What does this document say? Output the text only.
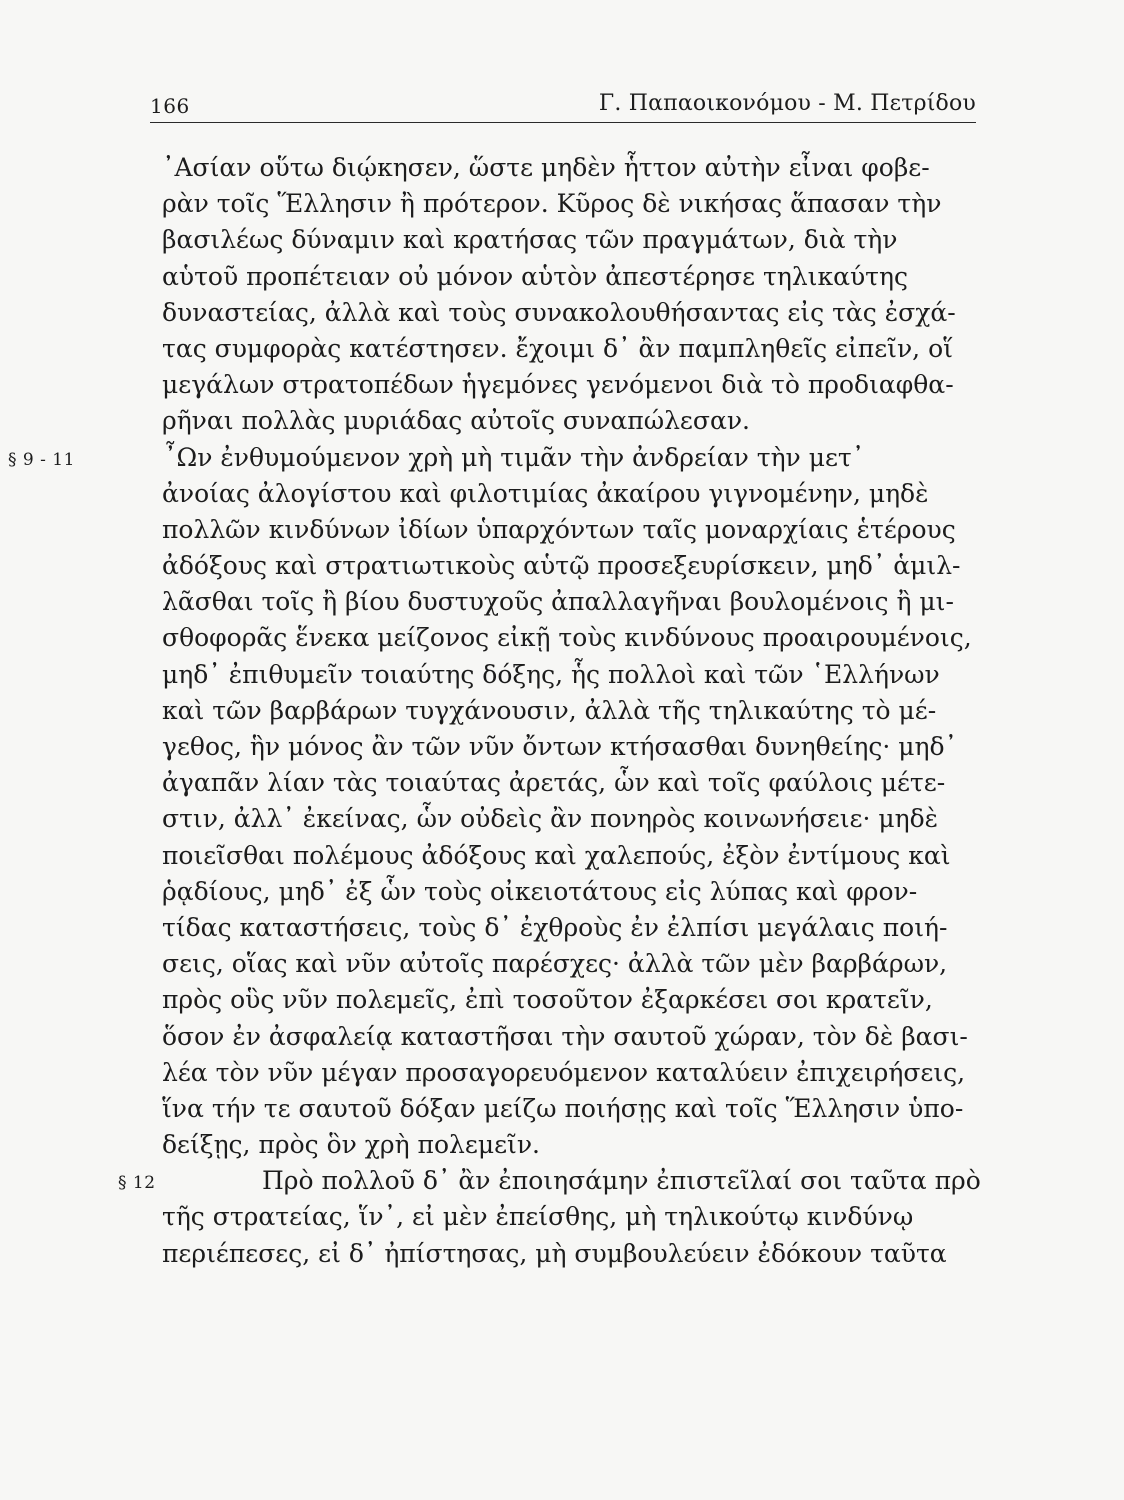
166	Γ. Παπαοικονόμου - Μ. Πετρίδου
᾿Ασίαν οὕτω διῴκησεν, ὥστε μηδὲν ἧττον αὐτὴν εἶναι φοβε-
ρὰν τοῖς Ἕλλησιν ἢ πρότερον. Κῦρος δὲ νικήσας ἅπασαν τὴν
βασιλέως δύναμιν καὶ κρατήσας τῶν πραγμάτων, διὰ τὴν
αὑτοῦ προπέτειαν οὐ μόνον αὑτὸν ἀπεστέρησε τηλικαύτης
δυναστείας, ἀλλὰ καὶ τοὺς συνακολουθήσαντας εἰς τὰς ἐσχά-
τας συμφορὰς κατέστησεν. ἔχοιμι δ᾽ ἂν παμπληθεῖς εἰπεῖν, οἵ
μεγάλων στρατοπέδων ἡγεμόνες γενόμενοι διὰ τὸ προδιαφθα-
ρῆναι πολλὰς μυριάδας αὐτοῖς συναπώλεσαν.
§ 9 - 11	῏Ων ἐνθυμούμενον χρὴ μὴ τιμᾶν τὴν ἀνδρείαν τὴν μετ᾽
ἀνοίας ἀλογίστου καὶ φιλοτιμίας ἀκαίρου γιγνομένην, μηδὲ
πολλῶν κινδύνων ἰδίων ὑπαρχόντων ταῖς μοναρχίαις ἑτέρους
ἀδόξους καὶ στρατιωτικοὺς αὑτῷ προσεξευρίσκειν, μηδ᾽ ἁμιλ-
λᾶσθαι τοῖς ἢ βίου δυστυχοῦς ἀπαλλαγῆναι βουλομένοις ἢ μι-
σθοφορᾶς ἕνεκα μείζονος εἰκῇ τοὺς κινδύνους προαιρουμένοις,
μηδ᾽ ἐπιθυμεῖν τοιαύτης δόξης, ἧς πολλοὶ καὶ τῶν ῾Ελλήνων
καὶ τῶν βαρβάρων τυγχάνουσιν, ἀλλὰ τῆς τηλικαύτης τὸ μέ-
γεθος, ἣν μόνος ἂν τῶν νῦν ὄντων κτήσασθαι δυνηθείης· μηδ᾽
ἀγαπᾶν λίαν τὰς τοιαύτας ἀρετάς, ὧν καὶ τοῖς φαύλοις μέτε-
στιν, ἀλλ᾽ ἐκείνας, ὧν οὐδεὶς ἂν πονηρὸς κοινωνήσειε· μηδὲ
ποιεῖσθαι πολέμους ἀδόξους καὶ χαλεπούς, ἐξὸν ἐντίμους καὶ
ῥᾳδίους, μηδ᾽ ἐξ ὧν τοὺς οἰκειοτάτους εἰς λύπας καὶ φρον-
τίδας καταστήσεις, τοὺς δ᾽ ἐχθροὺς ἐν ἐλπίσι μεγάλαις ποιή-
σεις, οἵας καὶ νῦν αὐτοῖς παρέσχες· ἀλλὰ τῶν μὲν βαρβάρων,
πρὸς οὓς νῦν πολεμεῖς, ἐπὶ τοσοῦτον ἐξαρκέσει σοι κρατεῖν,
ὅσον ἐν ἀσφαλείᾳ καταστῆσαι τὴν σαυτοῦ χώραν, τὸν δὲ βασι-
λέα τὸν νῦν μέγαν προσαγορευόμενον καταλύειν ἐπιχειρήσεις,
ἵνα τήν τε σαυτοῦ δόξαν μείζω ποιήσῃς καὶ τοῖς Ἕλλησιν ὑπο-
δείξῃς, πρὸς ὃν χρὴ πολεμεῖν.
§ 12	Πρὸ πολλοῦ δ᾽ ἂν ἐποιησάμην ἐπιστεῖλαί σοι ταῦτα πρὸ
τῆς στρατείας, ἵν᾽, εἰ μὲν ἐπείσθης, μὴ τηλικούτῳ κινδύνῳ
περιέπεσες, εἰ δ᾽ ἠπίστησας, μὴ συμβουλεύειν ἐδόκουν ταῦτα
